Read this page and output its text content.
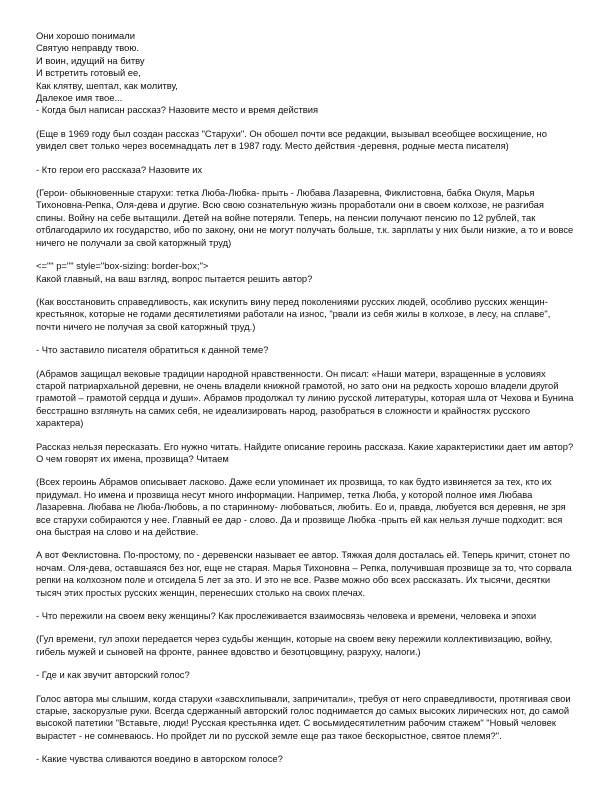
Они хорошо понимали

Святую неправду твою.

И воин, идущий на битву

И встретить готовый ее,

Как клятву, шептал, как молитву,

Далекое имя твое...

- Когда был написан рассказ? Назовите место и время действия

(Еще в 1969 году был создан рассказ "Старухи". Он обошел почти все редакции, вызывал всеобщее восхищение, но увидел свет только через восемнадцать лет в 1987 году. Место действия -деревня, родные места писателя)

- Кто герои его рассказа? Назовите их

(Герои- обыкновенные старухи: тетка Люба-Любка- прыть - Любава Лазаревна, Фиклистовна, бабка Окуля, Марья Тихоновна-Репка, Оля-дева и другие. Всю свою сознательную жизнь проработали они в своем колхозе, не разгибая спины. Войну на себе вытащили. Детей на войне потеряли. Теперь, на пенсии получают пенсию по 12 рублей, так отблагодарило их государство, ибо по закону, они не могут получать больше, т.к. зарплаты у них были низкие, а то и вовсе ничего не получали за свой каторжный труд)

<="" p="" style="box-sizing: border-box;">

Какой главный, на ваш взгляд, вопрос пытается решить автор?

(Как восстановить справедливость, как искупить вину перед поколениями русских людей, особливо русских женщин-крестьянок, которые не годами десятилетиями работали на износ, "рвали из себя жилы в колхозе, в лесу, на сплаве", почти ничего не получая за свой каторжный труд.)

- Что заставило писателя обратиться к данной теме?

(Абрамов защищал вековые традиции народной нравственности. Он писал: «Наши матери, взращенные в условиях старой патриархальной деревни, не очень владели книжной грамотой, но зато они на редкость хорошо владели другой грамотой – грамотой сердца и души». Абрамов продолжал ту линию русской литературы, которая шла от Чехова и Бунина бесстрашно взглянуть на самих себя, не идеализировать народ, разобраться в сложности и крайностях русского характера)

Рассказ нельзя пересказать. Его нужно читать. Найдите описание героинь рассказа. Какие характеристики дает им автор? О чем говорят их имена, прозвища? Читаем

(Всех героинь Абрамов описывает ласково. Даже если упоминает их прозвища, то как будто извиняется за тех, кто их придумал. Но имена и прозвища несут много информации. Например, тетка Люба, у которой полное имя Любава Лазаревна. Любава не Люба-Любовь, а по старинному- любоваться, любить. Ео и, правда, любуется вся деревня, не зря все старухи собираются у нее. Главный ее дар - слово. Да и прозвище Любка -прыть ей как нельзя лучше подходит: вся она быстрая на слово и на действие.

А вот Феклистовна. По-простому, по - деревенски называет ее автор. Тяжкая доля досталась ей. Теперь кричит, стонет по ночам. Оля-дева, оставшаяся без ног, еще не старая. Марья Тихоновна – Репка, получившая прозвище за то, что сорвала репки на колхозном поле и отсидела 5 лет за это. И это не все. Разве можно обо всех рассказать. Их тысячи, десятки тысяч этих простых русских женщин, перенесших столько на своих плечах.

- Что пережили на своем веку женщины? Как прослеживается взаимосвязь человека и времени, человека и эпохи

(Гул времени, гул эпохи передается через судьбы женщин, которые на своем веку пережили коллективизацию, войну, гибель мужей и сыновей на фронте, раннее вдовство и безотцовщину, разруху, налоги.)

- Где и как звучит авторский голос?

Голос автора мы слышим, когда старухи «завсхлипывали, запричитали», требуя от него справедливости, протягивая свои старые, заскорузлые руки. Всегда сдержанный авторский голос поднимается до самых высоких лирических нот, до самой высокой патетики "Вставьте, люди! Русская крестьянка идет. С восьмидесятилетним рабочим стажем" "Новый человек вырастет - не сомневаюсь. Но пройдет ли по русской земле еще раз такое бескорыстное, святое племя?".

- Какие чувства сливаются воедино в авторском голосе?
